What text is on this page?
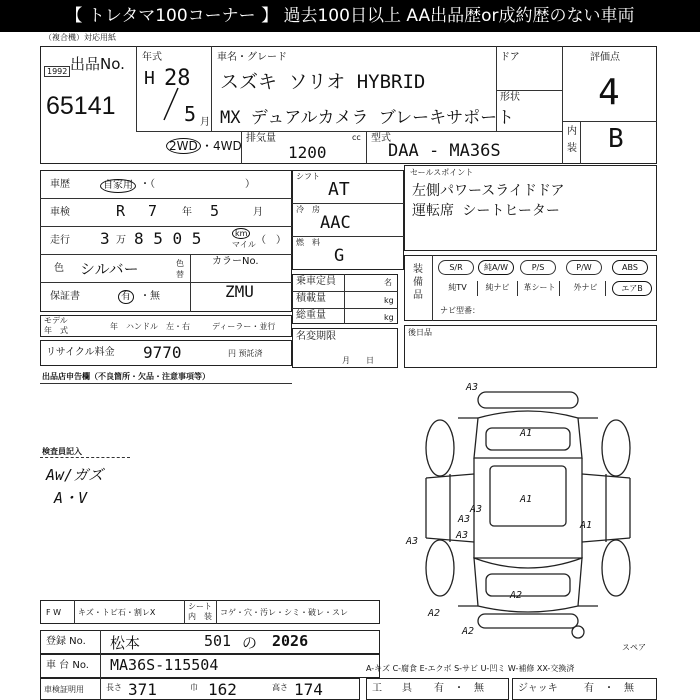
【 トレタマ100コーナー 】 過去100日以上 AA出品歴or成約歴のない車両
（複合機）対応用紙
出品No.
1992
65141
年式
H 28
5 月
車名・グレード
スズキ ソリオ HYBRID
MX デュアルカメラ ブレーキサポート
ドア
形状
評価点
4
内
装 B
2WD ・4WD
排気量	cc
1200
型式
DAA - MA36S
車歴	自家用 ・（　　　　　　　　　）
車検	R 7 年 5	月
走行 3 万 8 5 0 5	km
マイル （　）
色 シルバー	色
替
カラーNo.
ZMU
保証書	有 ・無
モデル
年　式	年　ハンドル　左・右	ディーラー・並行
リサイクル料金 9770	円 预託済
シフト
AT
冷　房
AAC
燃　料
G
セールスポイント
左側パワースライドドア
運転席 シートヒーター
乗車定員	名
積載量	kg
総重量	kg
装　備　品
S/R	純A/W	P/S	P/W	ABS
純TV	純ナビ	革シート	外ナビ	エアB
ナビ型番：
名変期限
月　　日
後日品
出品店申告欄（不良箇所・欠品・注意事項等）
検査員記入
Aw/ガズ
A・V
A3
A1
A3
A1
A3
A3
A1
A3
A2
A2
A2
スペア
F W キズ・トビ石・割レX
シート
内　装 コゲ・穴・汚レ・シミ・破レ・スレ
登録 No. 松本	501 の 2026
車 台 No. MA36S-115504	A-キズ C-腐食 E-エクボ S-サビ U-凹ミ W-補修 XX-交換済
車検証明用	長さ 371	巾 162	高さ 174	工　　具 有　・　無	ジャッキ	有　・　無
